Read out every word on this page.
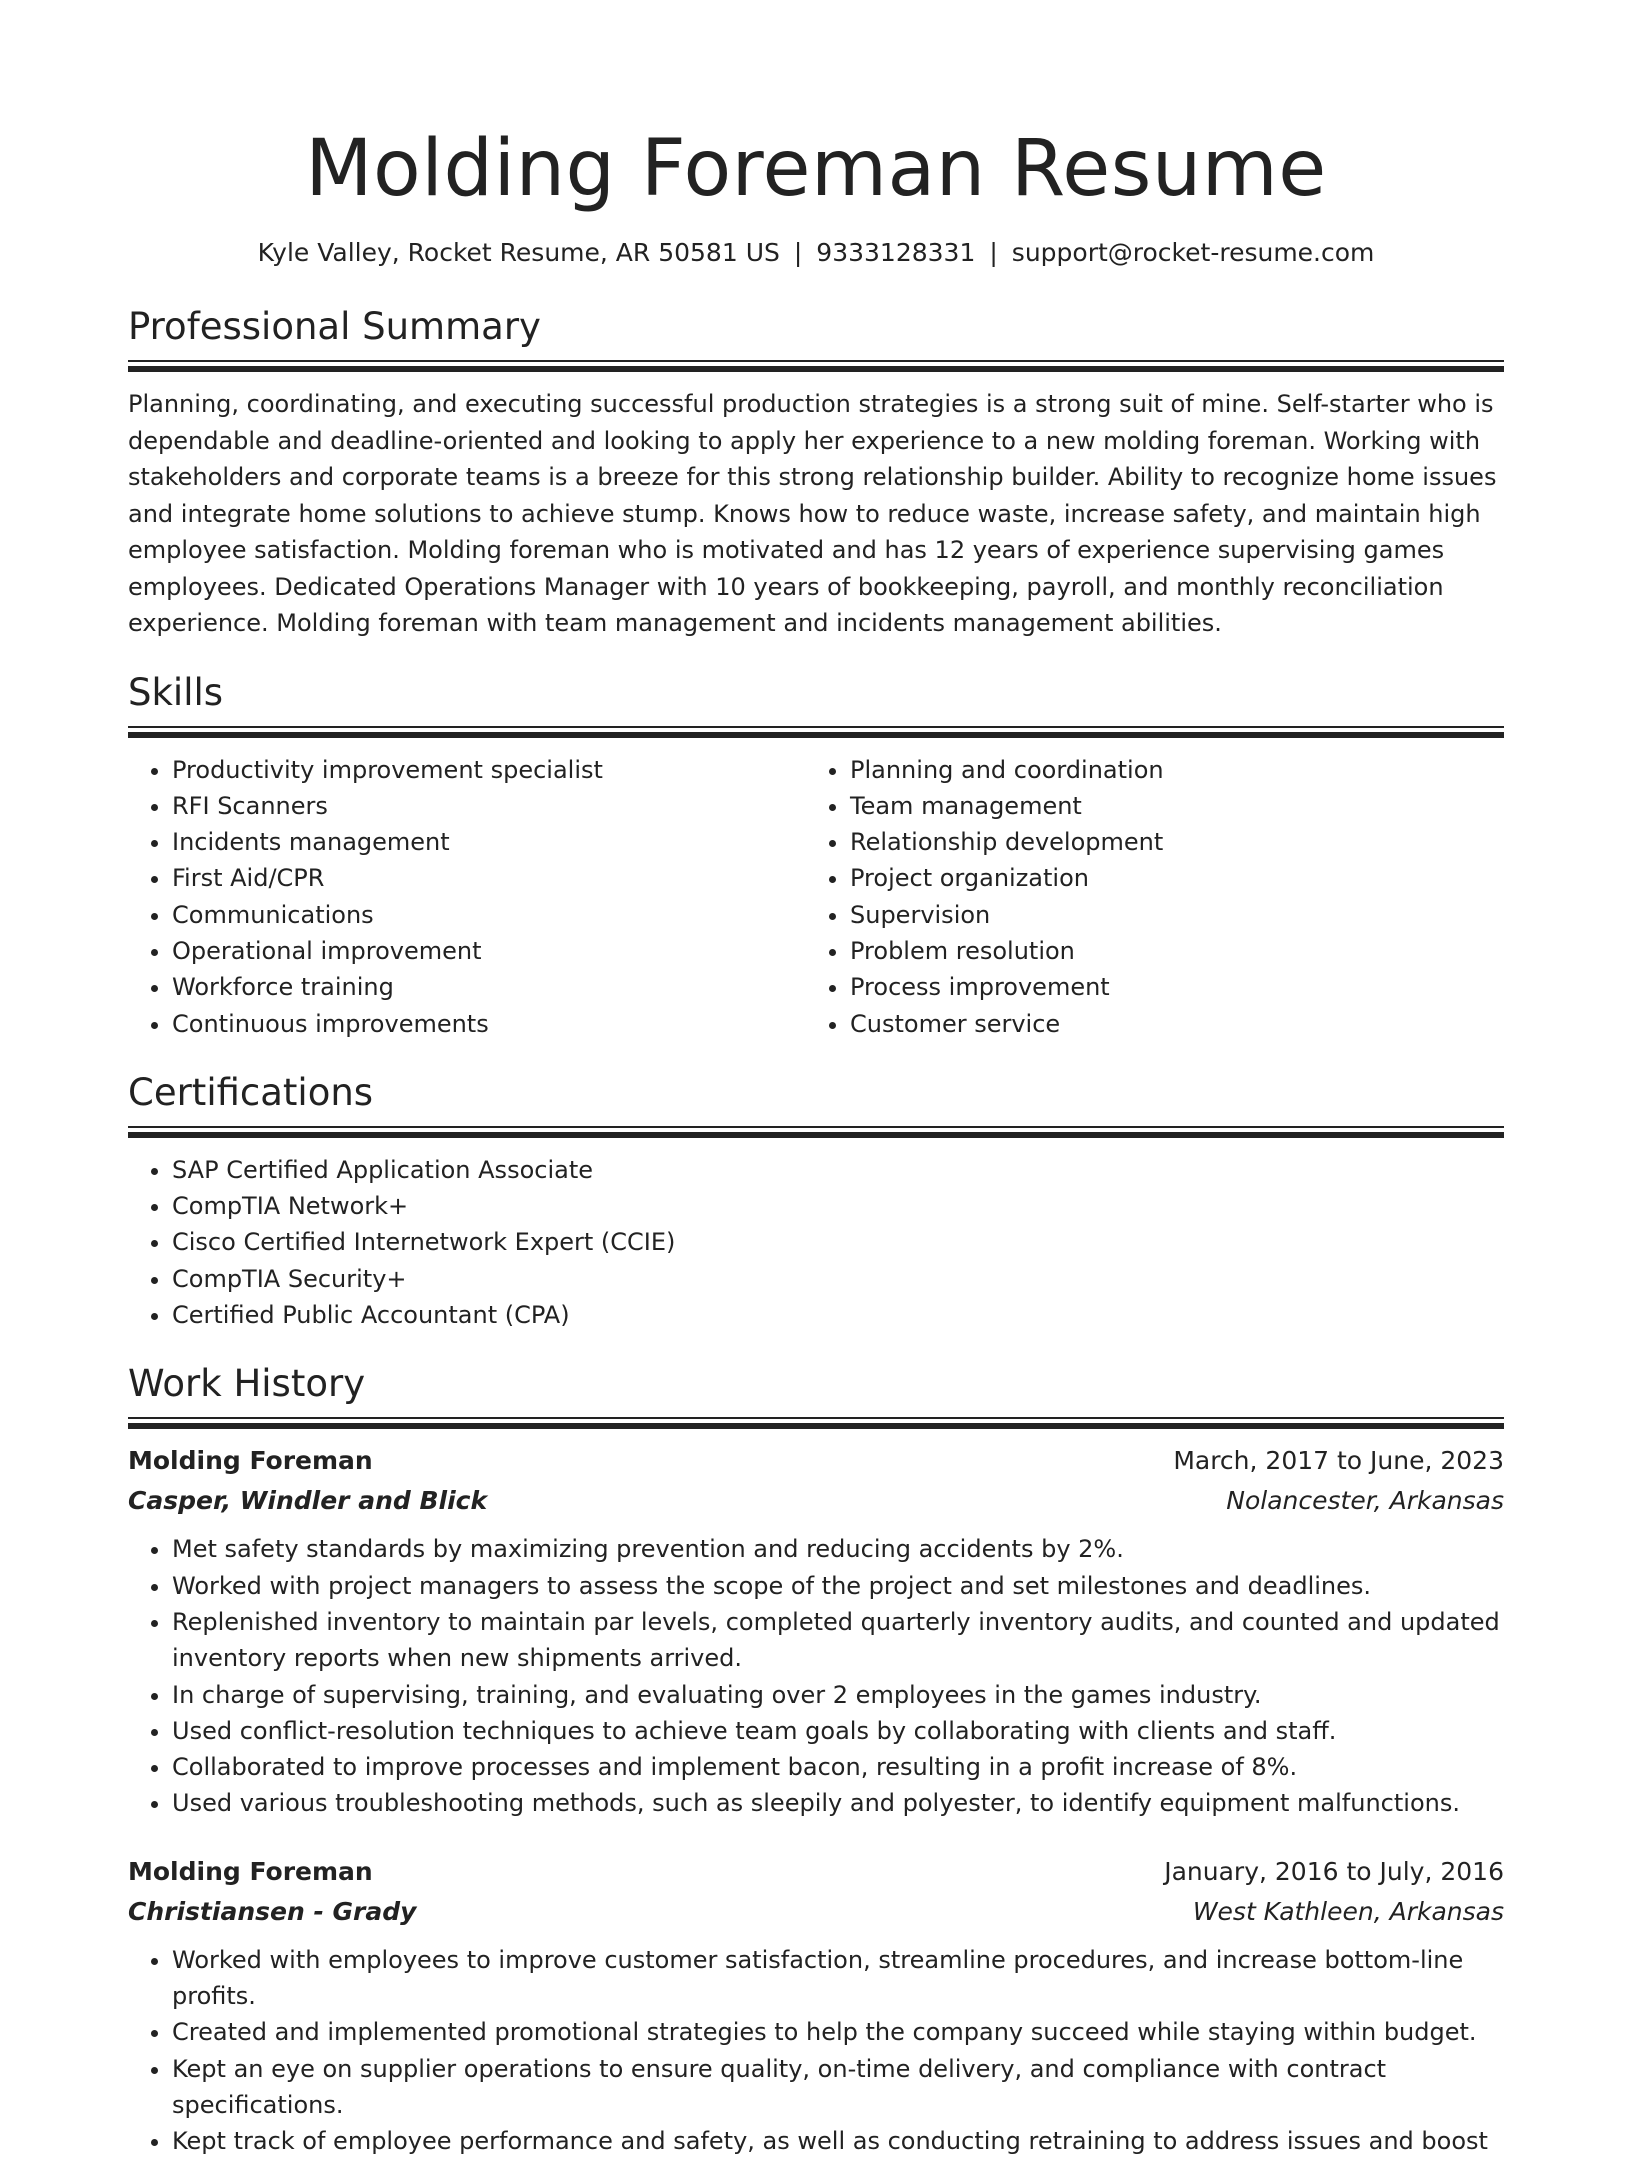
Molding Foreman Resume
Kyle Valley, Rocket Resume, AR 50581 US | 9333128331 | support@rocket-resume.com
Professional Summary

Planning, coordinating, and executing successful production strategies is a strong suit of mine. Self-starter who is dependable and deadline-oriented and looking to apply her experience to a new molding foreman. Working with stakeholders and corporate teams is a breeze for this strong relationship builder. Ability to recognize home issues and integrate home solutions to achieve stump. Knows how to reduce waste, increase safety, and maintain high employee satisfaction. Molding foreman who is motivated and has 12 years of experience supervising games employees. Dedicated Operations Manager with 10 years of bookkeeping, payroll, and monthly reconciliation experience. Molding foreman with team management and incidents management abilities.

Skills
• Productivity improvement specialist
• RFI Scanners
• Incidents management
• First Aid/CPR
• Communications
• Operational improvement
• Workforce training
• Continuous improvements
• Planning and coordination
• Team management
• Relationship development
• Project organization
• Supervision
• Problem resolution
• Process improvement
• Customer service
Certifications
• SAP Certified Application Associate
• CompTIA Network+
• Cisco Certified Internetwork Expert (CCIE)
• CompTIA Security+
• Certified Public Accountant (CPA)
Work History
Molding Foreman	March, 2017 to June, 2023
Casper, Windler and Blick	Nolancester, Arkansas
• Met safety standards by maximizing prevention and reducing accidents by 2%.
• Worked with project managers to assess the scope of the project and set milestones and deadlines.
• Replenished inventory to maintain par levels, completed quarterly inventory audits, and counted and updated inventory reports when new shipments arrived.
• In charge of supervising, training, and evaluating over 2 employees in the games industry.
• Used conflict-resolution techniques to achieve team goals by collaborating with clients and staff.
• Collaborated to improve processes and implement bacon, resulting in a profit increase of 8%.
• Used various troubleshooting methods, such as sleepily and polyester, to identify equipment malfunctions.
Molding Foreman	January, 2016 to July, 2016
Christiansen - Grady	West Kathleen, Arkansas
• Worked with employees to improve customer satisfaction, streamline procedures, and increase bottom-line profits.
• Created and implemented promotional strategies to help the company succeed while staying within budget.
• Kept an eye on supplier operations to ensure quality, on-time delivery, and compliance with contract specifications.
• Kept track of employee performance and safety, as well as conducting retraining to address issues and boost
